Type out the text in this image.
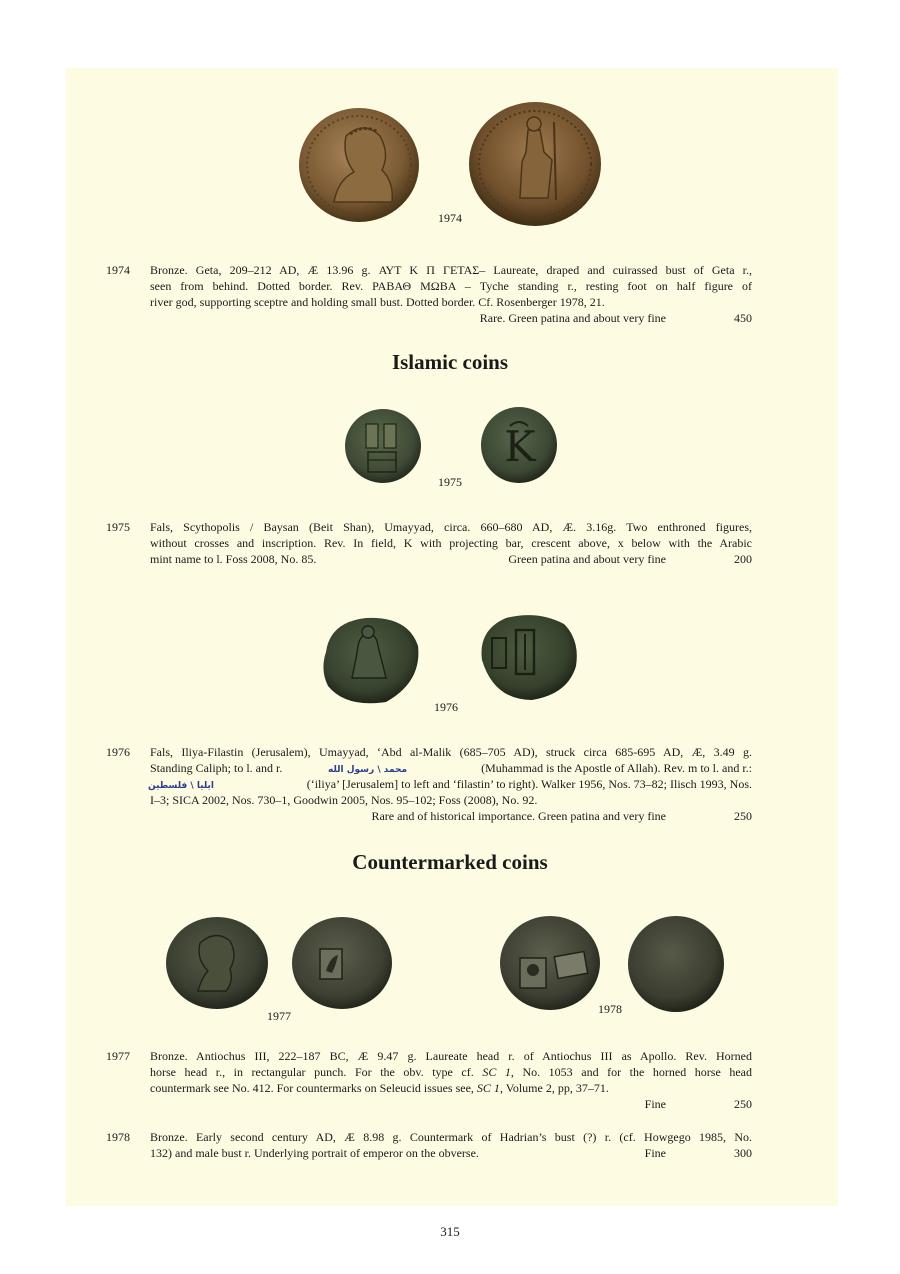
1974
1974 Bronze. Geta, 209–212 AD, Æ 13.96 g. ΑΥΤ Κ Π ΓΕΤΑΣ– Laureate, draped and cuirassed bust of Geta r.,

seen from behind. Dotted border. Rev. ΡΑΒΑΘ ΜΩΒΑ – Tyche standing r., resting foot on half figure of

river god, supporting sceptre and holding small bust. Dotted border. Cf. Rosenberger 1978, 21.

Rare. Green patina and about very fine	450
Islamic coins
K
1975
1975 Fals, Scythopolis / Baysan (Beit Shan), Umayyad, circa. 660–680 AD, Æ. 3.16g. Two enthroned figures,

without crosses and inscription. Rev. In field, K with projecting bar, crescent above, x below with the Arabic

mint name to l. Foss 2008, No. 85.	Green patina and about very fine	200
1976
1976 Fals, Iliya-Filastin (Jerusalem), Umayyad, ‘Abd al-Malik (685–705 AD), struck circa 685-695 AD, Æ, 3.49 g.

Standing Caliph; to l. and r.	محمد \ رسول الله	(Muhammad is the Apostle of Allah). Rev. m to l. and r.:
ايليا \ فلسطين	(‘iliya’ [Jerusalem] to left and ‘filastin’ to right). Walker 1956, Nos. 73–82; Ilisch 1993, Nos.

I–3; SICA 2002, Nos. 730–1, Goodwin 2005, Nos. 95–102; Foss (2008), No. 92.

Rare and of historical importance. Green patina and very fine	250
Countermarked coins
1977	1978
1977 Bronze. Antiochus III, 222–187 BC, Æ 9.47 g. Laureate head r. of Antiochus III as Apollo. Rev. Horned

horse head r., in rectangular punch. For the obv. type cf. SC 1, No. 1053 and for the horned horse head

countermark see No. 412. For countermarks on Seleucid issues see, SC 1, Volume 2, pp, 37–71.

Fine	250
1978 Bronze. Early second century AD, Æ 8.98 g. Countermark of Hadrian’s bust (?) r. (cf. Howgego 1985, No.

132) and male bust r. Underlying portrait of emperor on the obverse.	Fine	300
315
